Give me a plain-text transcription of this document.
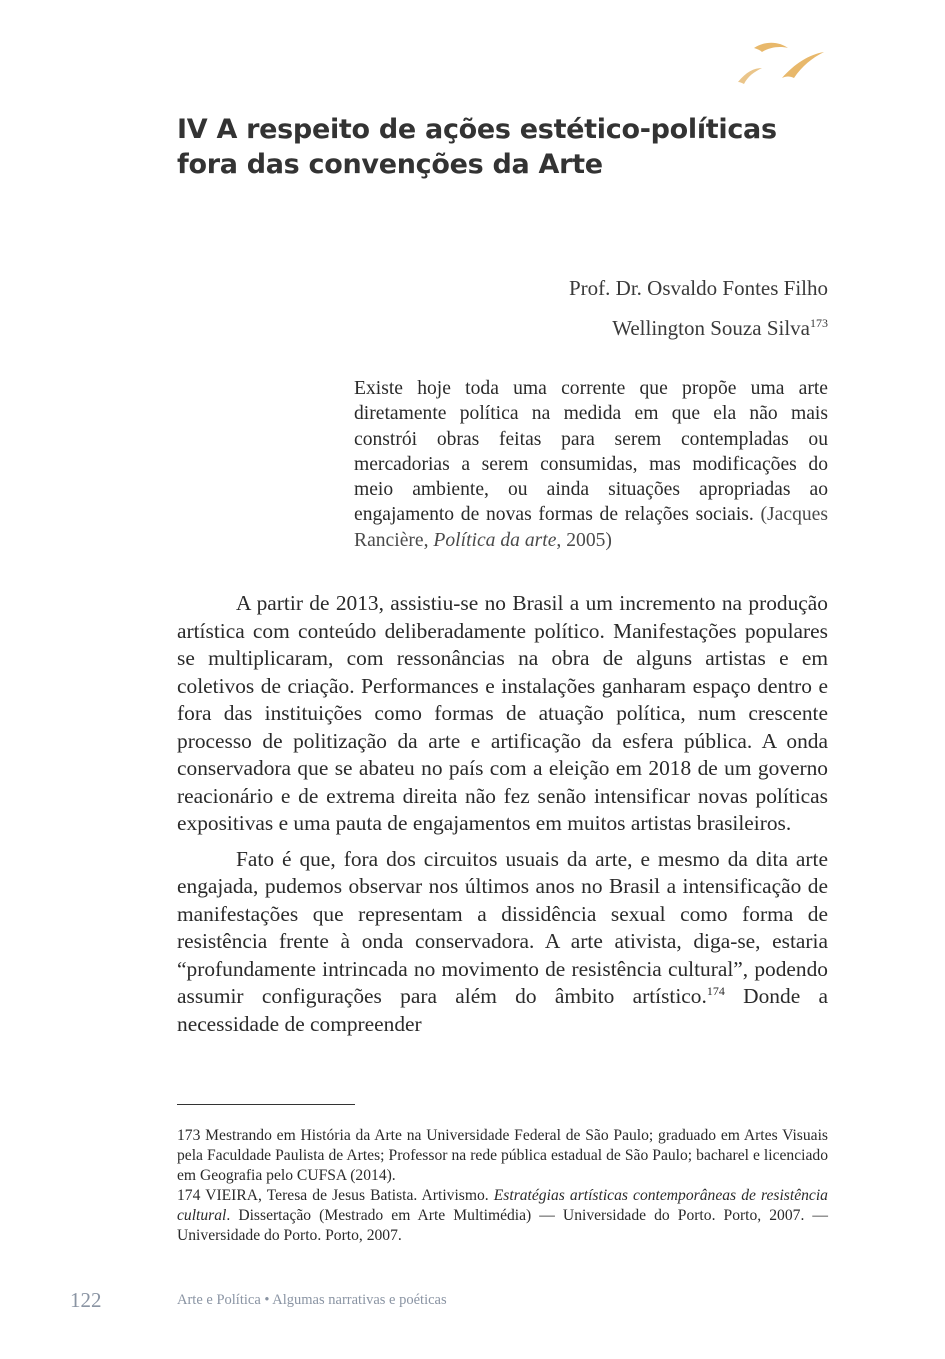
IV A respeito de ações estético-políticas
fora das convenções da Arte
Prof. Dr. Osvaldo Fontes Filho
Wellington Souza Silva$^{173}$
Existe hoje toda uma corrente que propõe uma arte diretamente política na medida em que ela não mais constrói obras feitas para serem contempladas ou mercadorias a serem consumidas, mas modificações do meio ambiente, ou ainda situações apropriadas ao engajamento de novas formas de relações sociais. (Jacques Rancière, Política da arte, 2005)

A partir de 2013, assistiu-se no Brasil a um incremento na produção artística com conteúdo deliberadamente político. Manifestações populares se multiplicaram, com ressonâncias na obra de alguns artistas e em coletivos de criação. Performances e instalações ganharam espaço dentro e fora das instituições como formas de atuação política, num crescente processo de politização da arte e artificação da esfera pública. A onda conservadora que se abateu no país com a eleição em 2018 de um governo reacionário e de extrema direita não fez senão intensificar novas políticas expositivas e uma pauta de engajamentos em muitos artistas brasileiros.

Fato é que, fora dos circuitos usuais da arte, e mesmo da dita arte engajada, pudemos observar nos últimos anos no Brasil a intensificação de manifestações que representam a dissidência sexual como forma de resistência frente à onda conservadora. A arte ativista, diga-se, estaria “profundamente intrincada no movimento de resistência cultural”, podendo assumir configurações para além do âmbito artístico.$^{174}$ Donde a necessidade de compreender

173 Mestrando em História da Arte na Universidade Federal de São Paulo; graduado em Artes Visuais pela Faculdade Paulista de Artes; Professor na rede pública estadual de São Paulo; bacharel e licenciado em Geografia pelo CUFSA (2014).

174 VIEIRA, Teresa de Jesus Batista. Artivismo. Estratégias artísticas contemporâneas de resistência cultural. Dissertação (Mestrado em Arte Multimédia) — Universidade do Porto. Porto, 2007. — Universidade do Porto. Porto, 2007.

122	Arte e Política • Algumas narrativas e poéticas
